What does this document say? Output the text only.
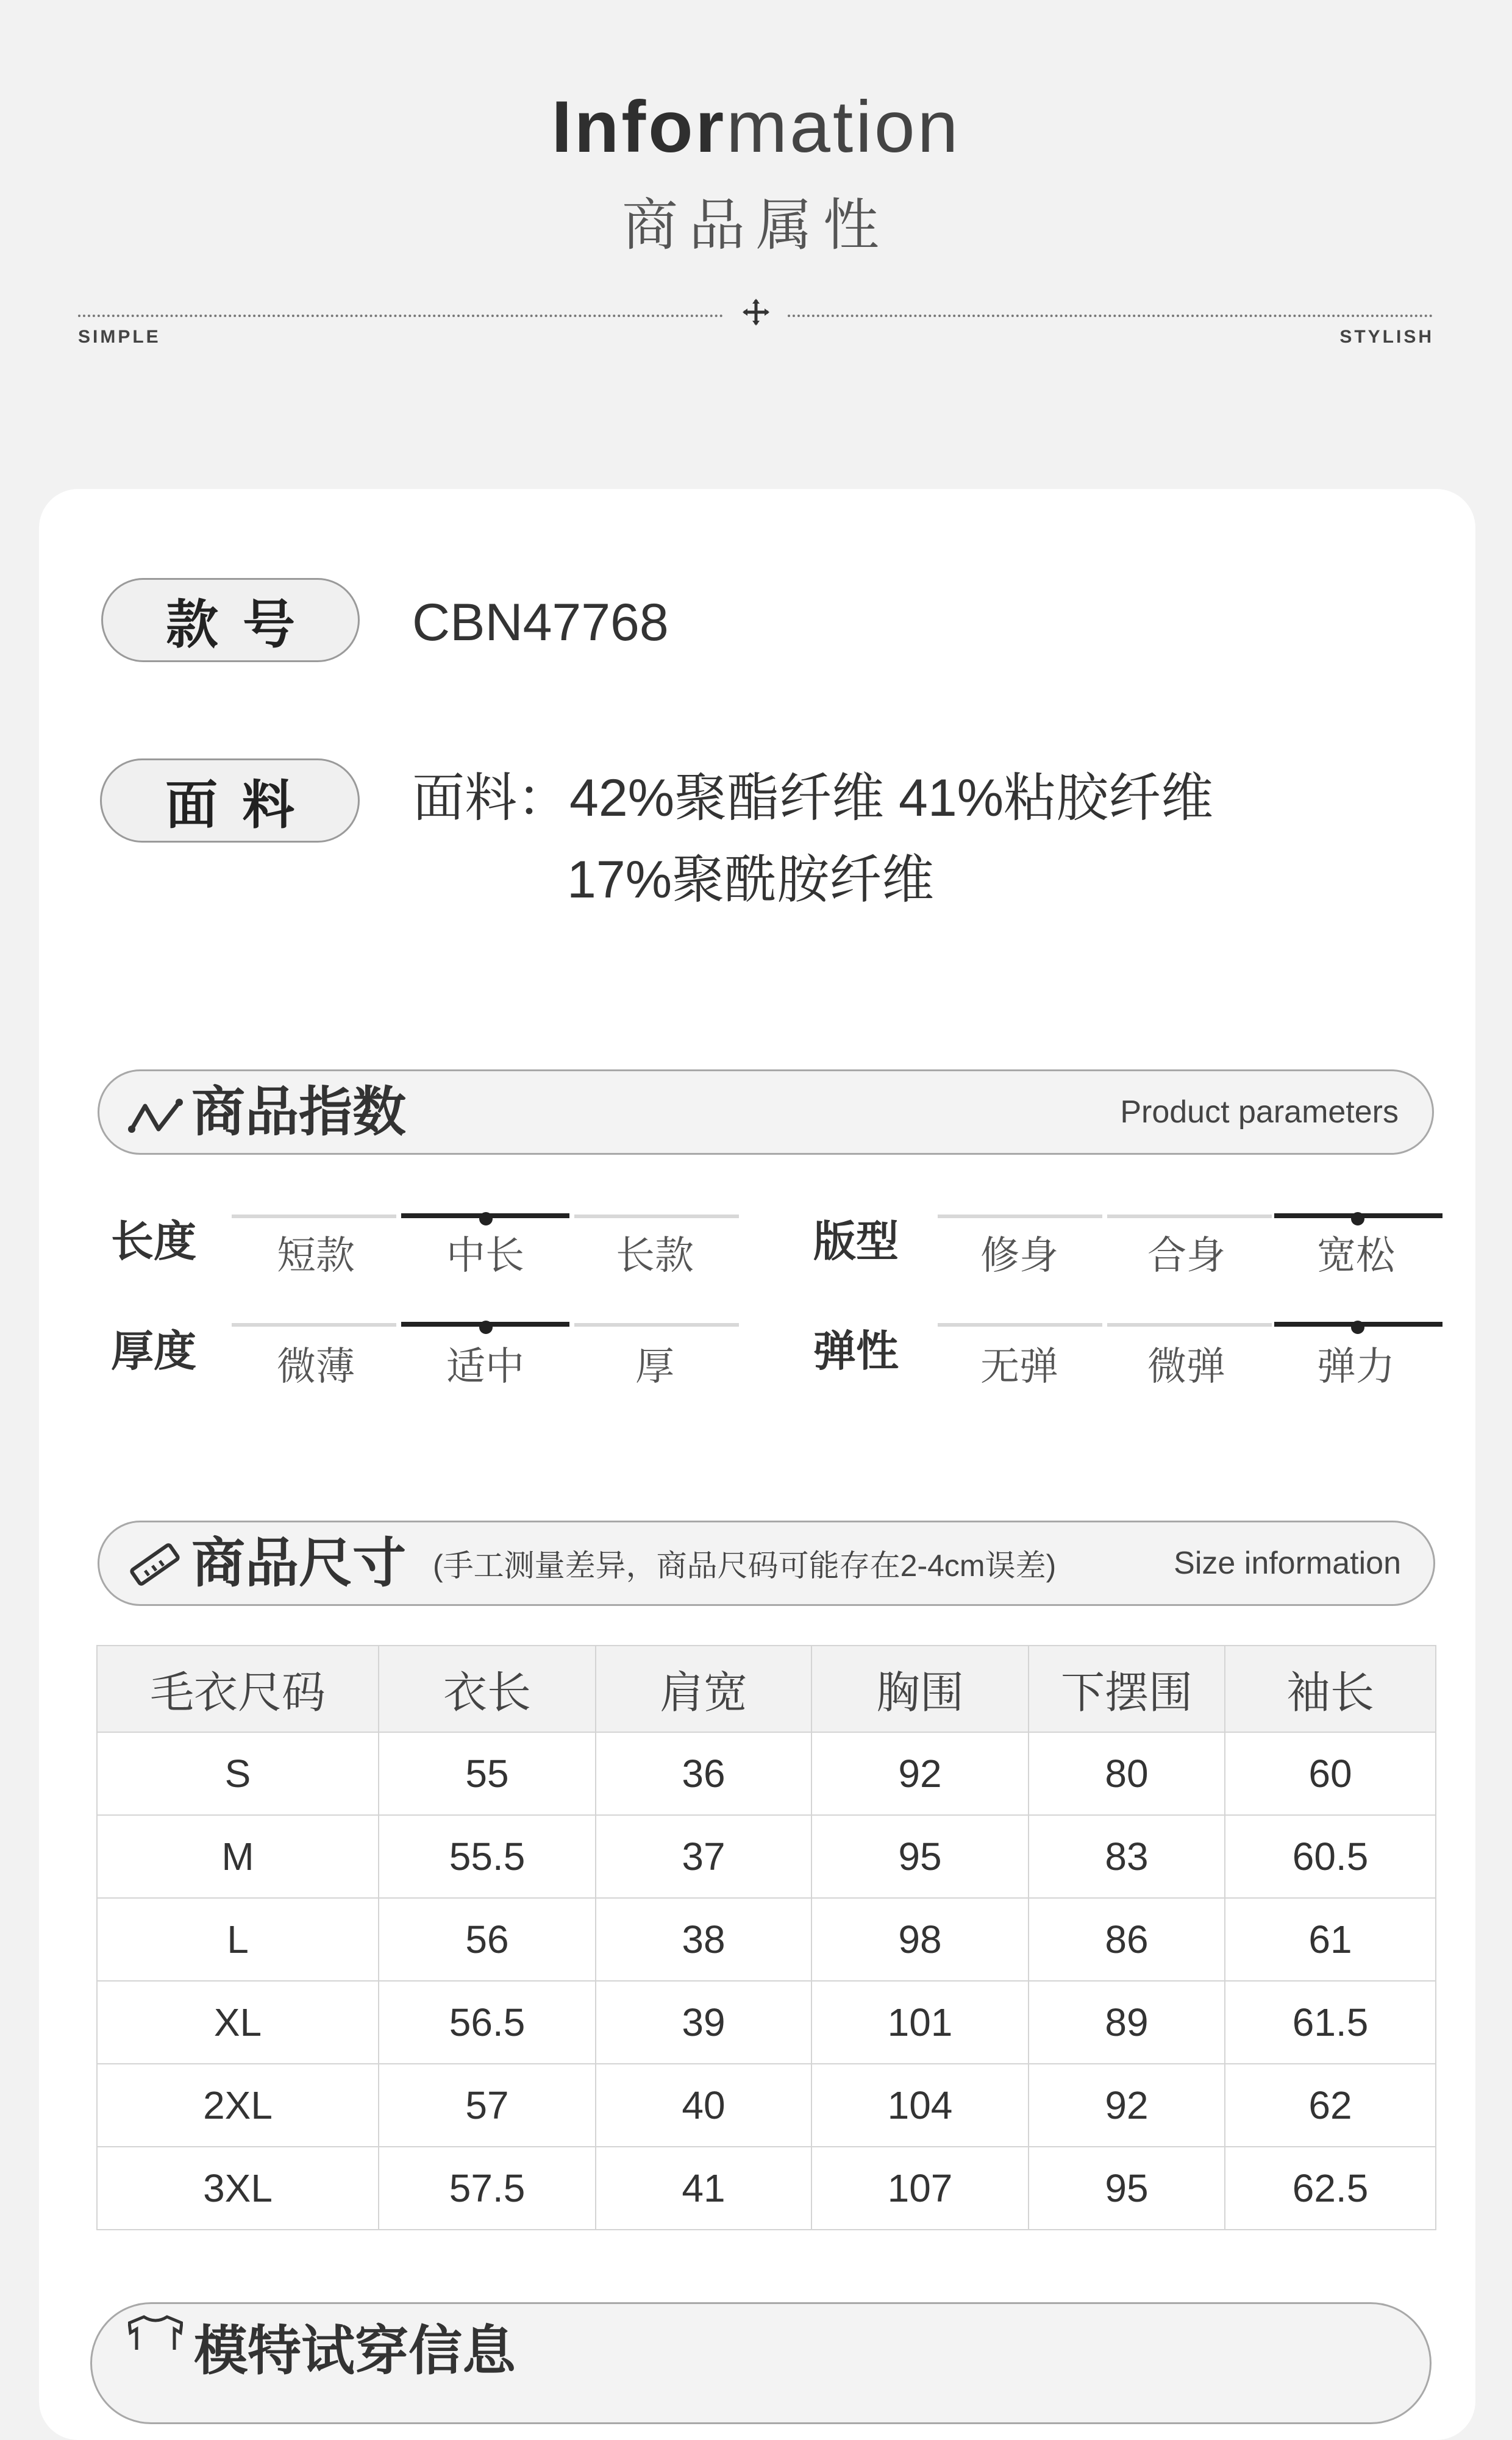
Information
商品属性
SIMPLE	STYLISH
款号	CBN47768
面料	面料：42%聚酯纤维 41%粘胶纤维
17%聚酰胺纤维
商品指数	Product parameters
长度	短款	中长	长款	版型	修身	合身	宽松
厚度	微薄	适中	厚	弹性	无弹	微弹	弹力
商品尺寸 (手工测量差异，商品尺码可能存在2-4cm误差)	Size information
毛衣尺码	衣长	肩宽	胸围	下摆围	袖长
S	55	36	92	80	60
M	55.5	37	95	83	60.5
L	56	38	98	86	61
XL	56.5	39	101	89	61.5
2XL	57	40	104	92	62
3XL	57.5	41	107	95	62.5
模特试穿信息
